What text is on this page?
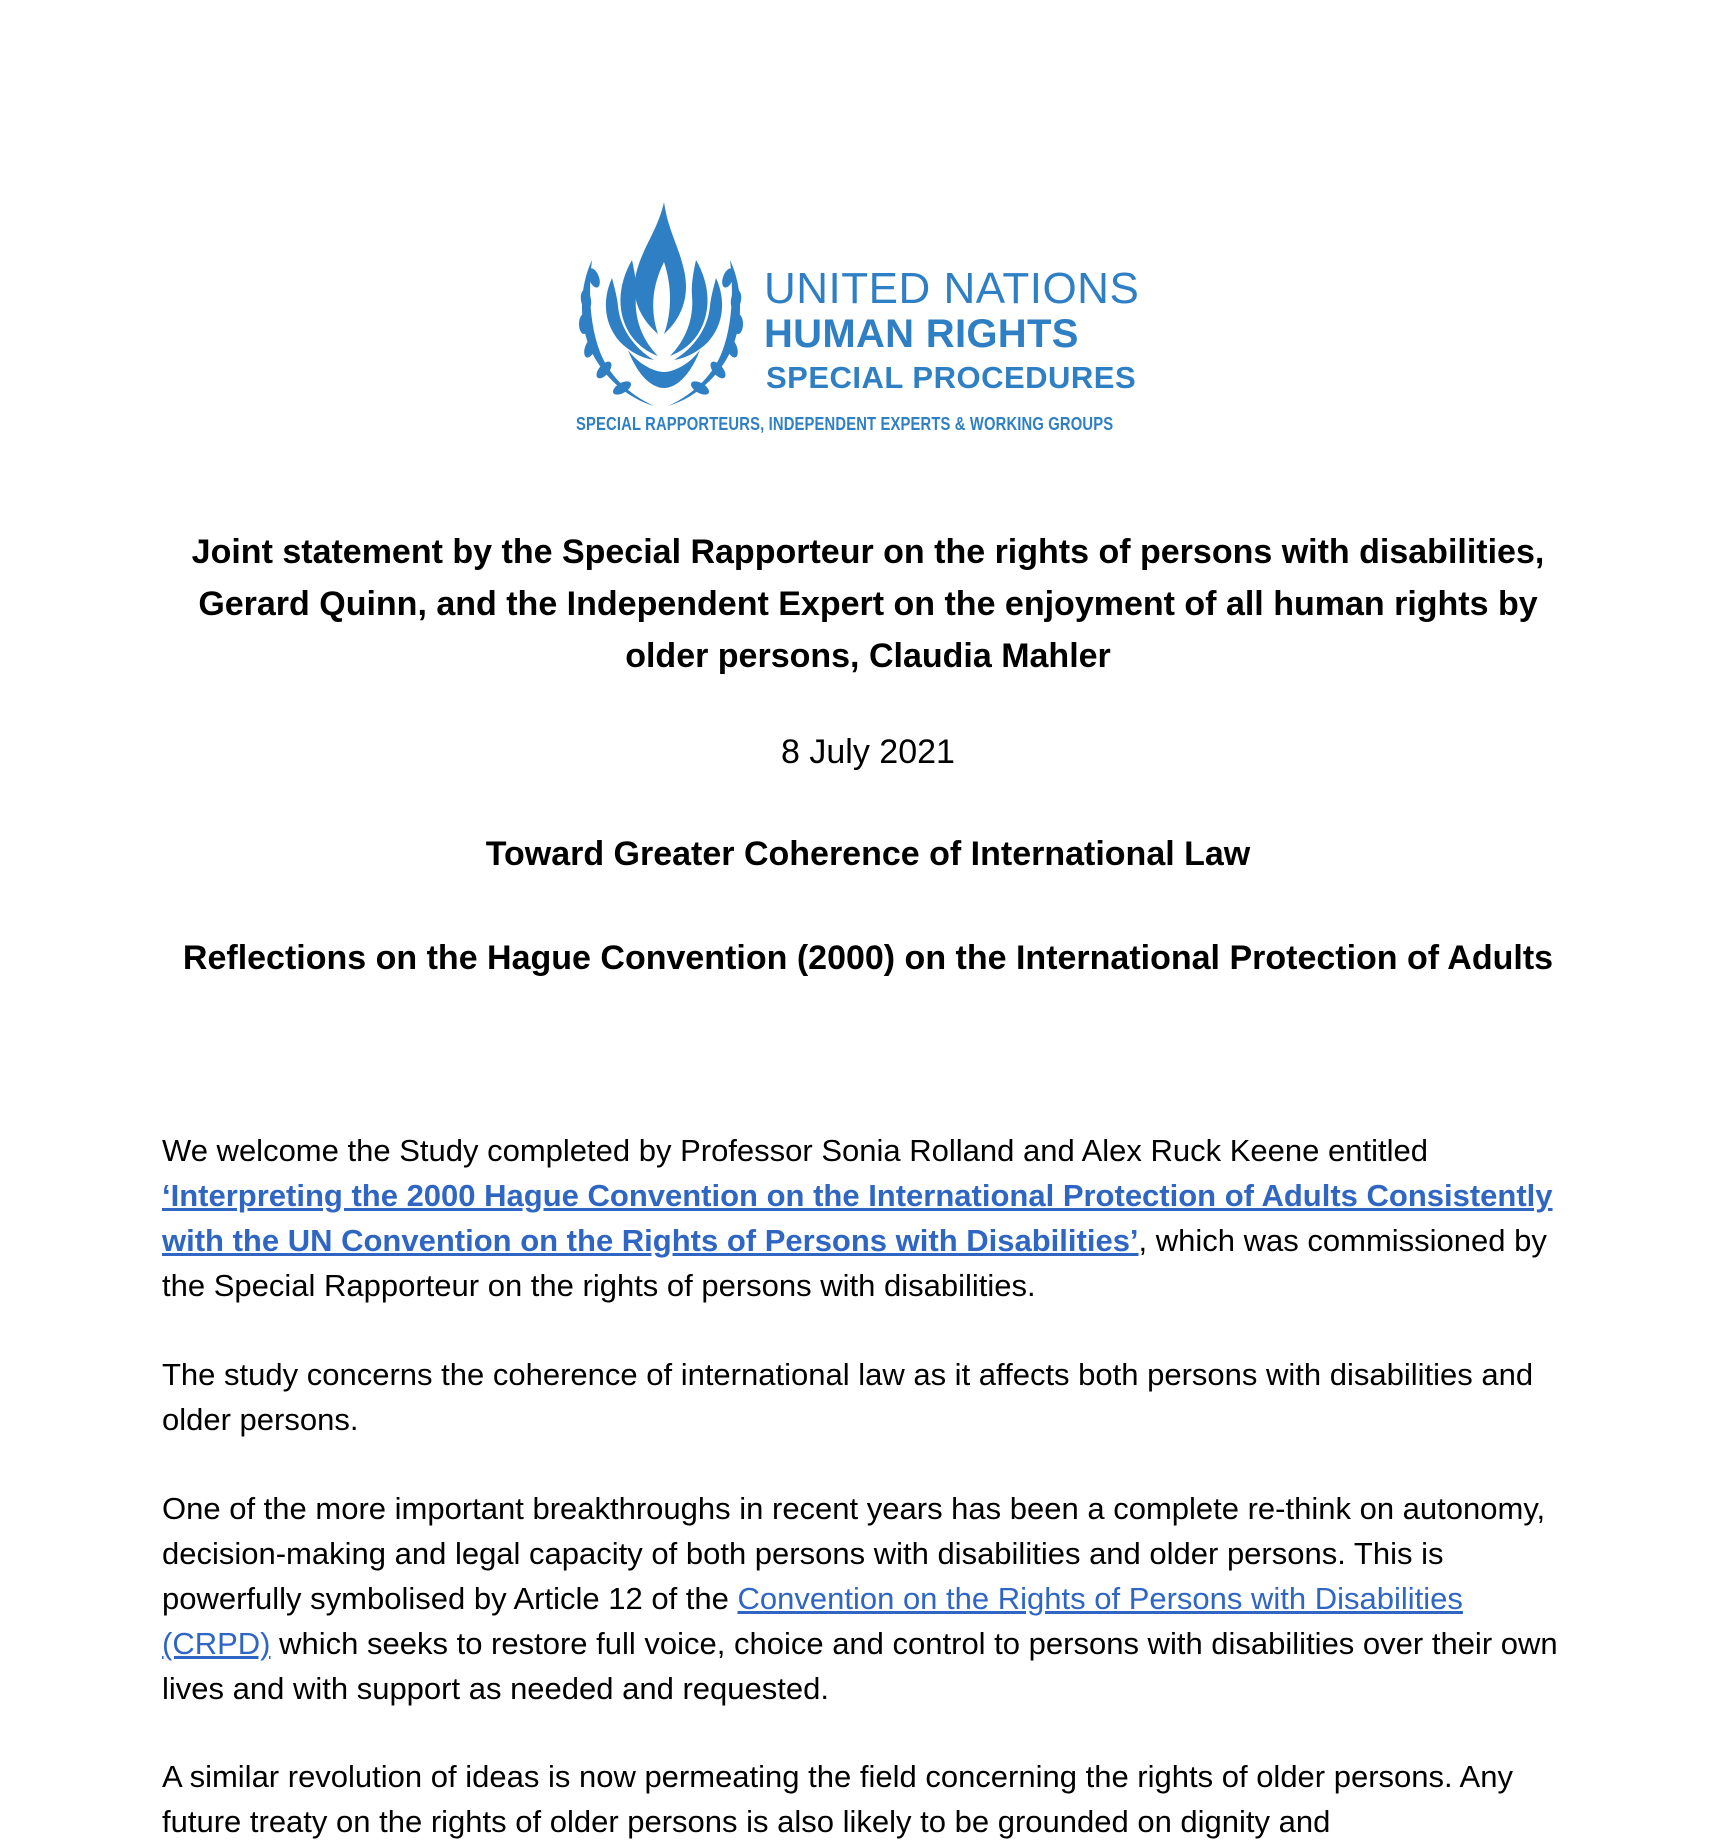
UNITED NATIONS
HUMAN RIGHTS
SPECIAL PROCEDURES
SPECIAL RAPPORTEURS, INDEPENDENT EXPERTS & WORKING GROUPS
Joint statement by the Special Rapporteur on the rights of persons with disabilities, Gerard Quinn, and the Independent Expert on the enjoyment of all human rights by older persons, Claudia Mahler
8 July 2021
Toward Greater Coherence of International Law
Reflections on the Hague Convention (2000) on the International Protection of Adults

We welcome the Study completed by Professor Sonia Rolland and Alex Ruck Keene entitled ‘Interpreting the 2000 Hague Convention on the International Protection of Adults Consistently with the UN Convention on the Rights of Persons with Disabilities’, which was commissioned by the Special Rapporteur on the rights of persons with disabilities.

The study concerns the coherence of international law as it affects both persons with disabilities and older persons.

One of the more important breakthroughs in recent years has been a complete re-think on autonomy, decision-making and legal capacity of both persons with disabilities and older persons. This is powerfully symbolised by Article 12 of the Convention on the Rights of Persons with Disabilities (CRPD) which seeks to restore full voice, choice and control to persons with disabilities over their own lives and with support as needed and requested.

A similar revolution of ideas is now permeating the field concerning the rights of older persons. Any future treaty on the rights of older persons is also likely to be grounded on dignity and
